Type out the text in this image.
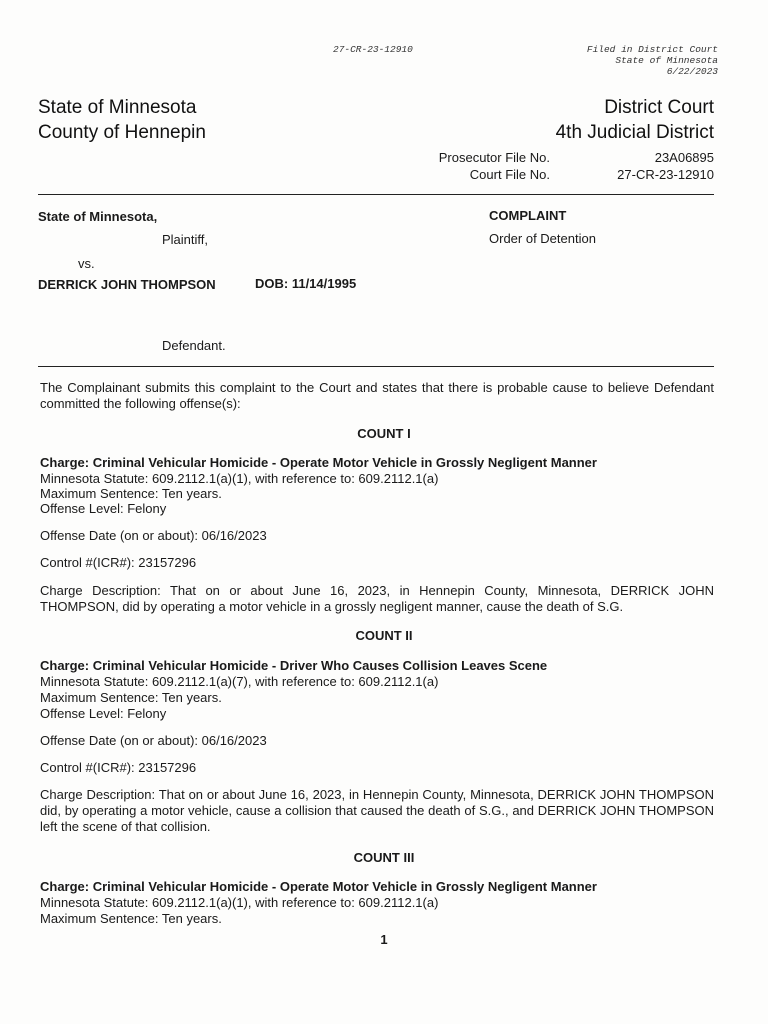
27-CR-23-12910	Filed in District Court
State of Minnesota
6/22/2023
State of Minnesota
County of Hennepin
District Court
4th Judicial District
Prosecutor File No.	23A06895
Court File No.	27-CR-23-12910
State of Minnesota,
Plaintiff,
vs.
DERRICK JOHN THOMPSON	DOB: 11/14/1995
Defendant.
COMPLAINT
Order of Detention
The Complainant submits this complaint to the Court and states that there is probable cause to believe Defendant committed the following offense(s):
COUNT I
Charge: Criminal Vehicular Homicide - Operate Motor Vehicle in Grossly Negligent Manner
Minnesota Statute: 609.2112.1(a)(1), with reference to: 609.2112.1(a)
Maximum Sentence: Ten years.
Offense Level: Felony
Offense Date (on or about): 06/16/2023
Control #(ICR#): 23157296
Charge Description: That on or about June 16, 2023, in Hennepin County, Minnesota, DERRICK JOHN THOMPSON, did by operating a motor vehicle in a grossly negligent manner, cause the death of S.G.
COUNT II
Charge: Criminal Vehicular Homicide - Driver Who Causes Collision Leaves Scene
Minnesota Statute: 609.2112.1(a)(7), with reference to: 609.2112.1(a)
Maximum Sentence: Ten years.
Offense Level: Felony
Offense Date (on or about): 06/16/2023
Control #(ICR#): 23157296
Charge Description: That on or about June 16, 2023, in Hennepin County, Minnesota, DERRICK JOHN THOMPSON did, by operating a motor vehicle, cause a collision that caused the death of S.G., and DERRICK JOHN THOMPSON left the scene of that collision.
COUNT III
Charge: Criminal Vehicular Homicide - Operate Motor Vehicle in Grossly Negligent Manner
Minnesota Statute: 609.2112.1(a)(1), with reference to: 609.2112.1(a)
Maximum Sentence: Ten years.
1
